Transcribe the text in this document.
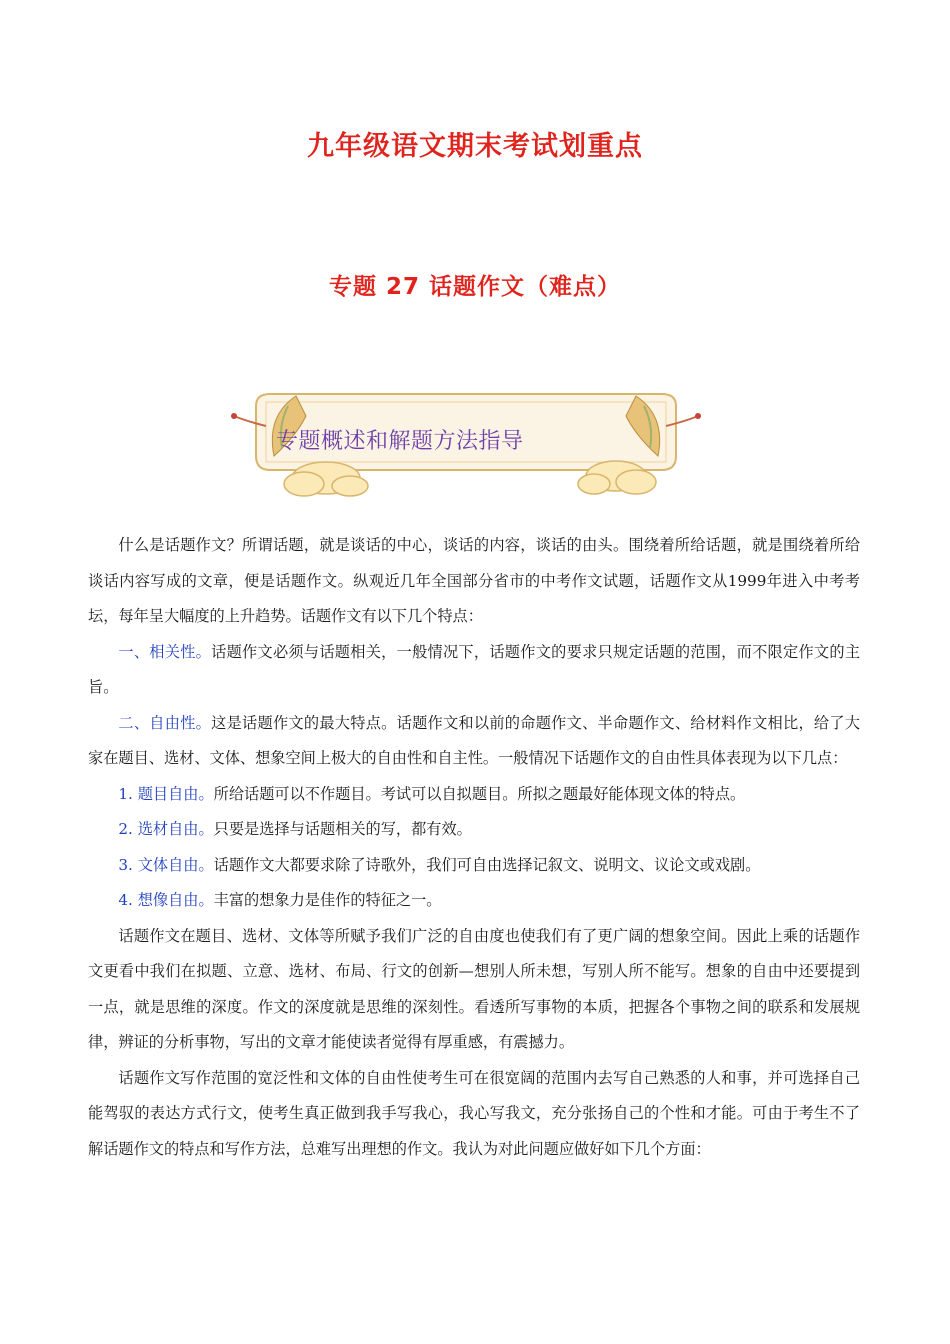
九年级语文期末考试划重点
专题 27 话题作文（难点）
专题概述和解题方法指导

什么是话题作文？所谓话题，就是谈话的中心，谈话的内容，谈话的由头。围绕着所给话题，就是围绕着所给谈话内容写成的文章，便是话题作文。纵观近几年全国部分省市的中考作文试题，话题作文从1999年进入中考考坛，每年呈大幅度的上升趋势。话题作文有以下几个特点：

一、相关性。话题作文必须与话题相关，一般情况下，话题作文的要求只规定话题的范围，而不限定作文的主旨。

二、自由性。这是话题作文的最大特点。话题作文和以前的命题作文、半命题作文、给材料作文相比，给了大家在题目、选材、文体、想象空间上极大的自由性和自主性。一般情况下话题作文的自由性具体表现为以下几点：

1. 题目自由。所给话题可以不作题目。考试可以自拟题目。所拟之题最好能体现文体的特点。

2. 选材自由。只要是选择与话题相关的写，都有效。

3. 文体自由。话题作文大都要求除了诗歌外，我们可自由选择记叙文、说明文、议论文或戏剧。

4. 想像自由。丰富的想象力是佳作的特征之一。

话题作文在题目、选材、文体等所赋予我们广泛的自由度也使我们有了更广阔的想象空间。因此上乘的话题作文更看中我们在拟题、立意、选材、布局、行文的创新—想别人所未想，写别人所不能写。想象的自由中还要提到一点，就是思维的深度。作文的深度就是思维的深刻性。看透所写事物的本质，把握各个事物之间的联系和发展规律，辨证的分析事物，写出的文章才能使读者觉得有厚重感，有震撼力。

话题作文写作范围的宽泛性和文体的自由性使考生可在很宽阔的范围内去写自己熟悉的人和事，并可选择自己能驾驭的表达方式行文，使考生真正做到我手写我心，我心写我文，充分张扬自己的个性和才能。可由于考生不了解话题作文的特点和写作方法，总难写出理想的作文。我认为对此问题应做好如下几个方面：
